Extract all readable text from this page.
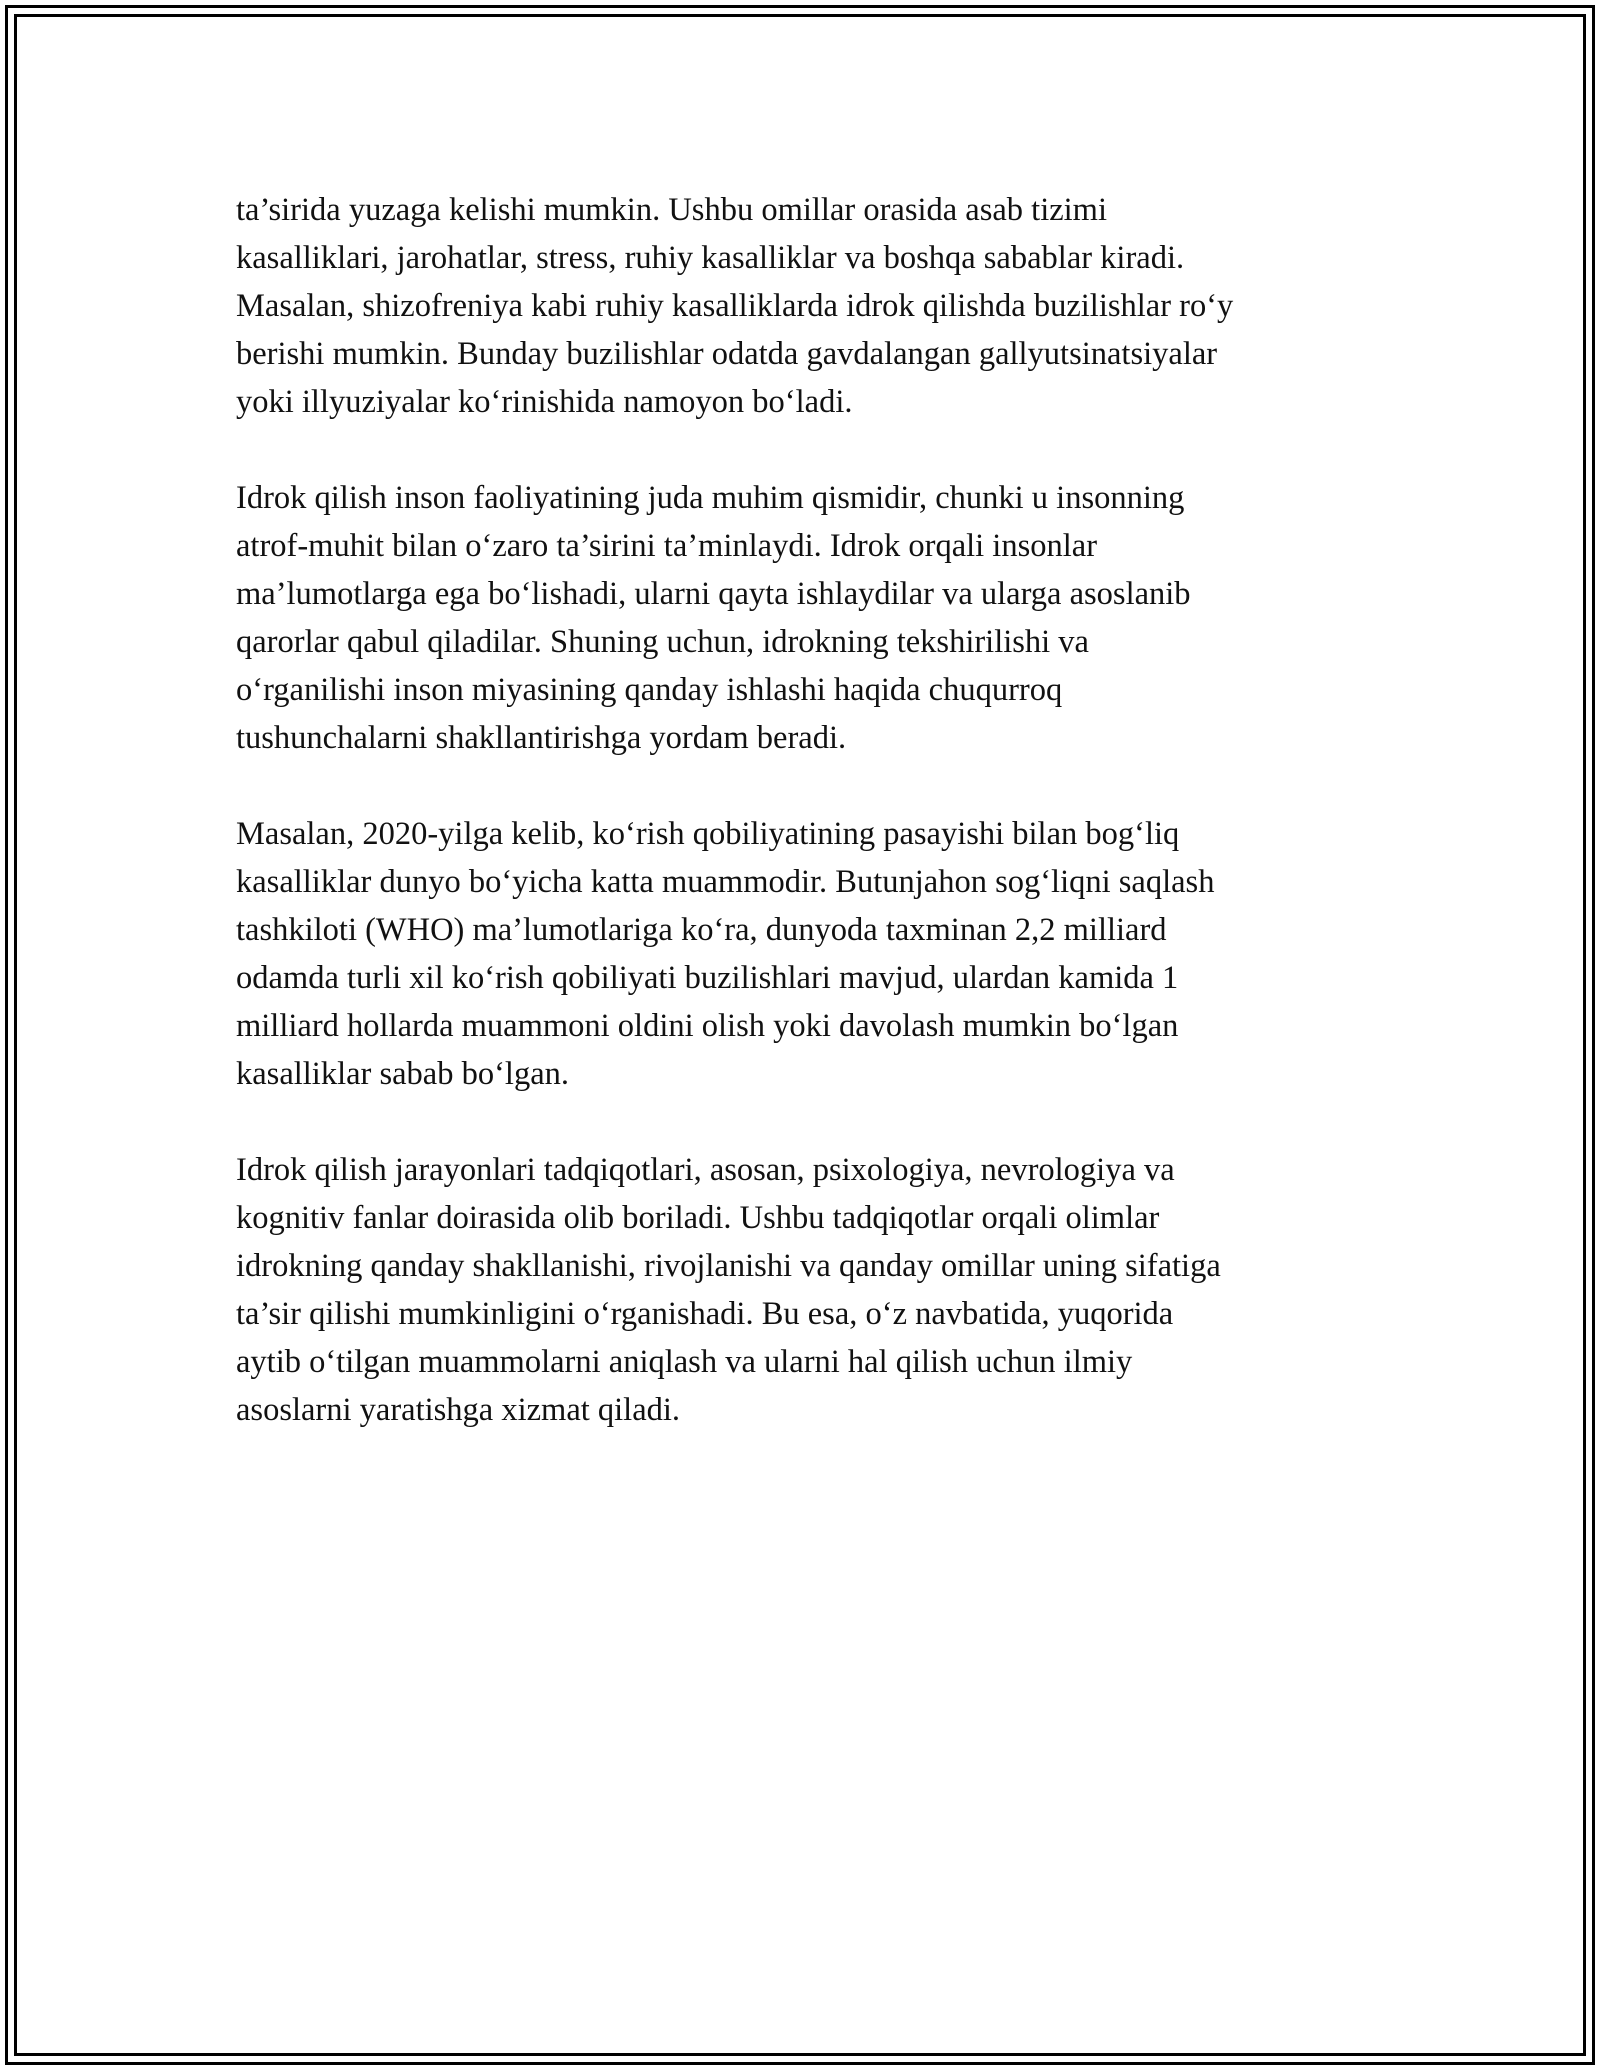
ta’sirida yuzaga kelishi mumkin. Ushbu omillar orasida asab tizimi
kasalliklari, jarohatlar, stress, ruhiy kasalliklar va boshqa sabablar kiradi.
Masalan, shizofreniya kabi ruhiy kasalliklarda idrok qilishda buzilishlar ro‘y
berishi mumkin. Bunday buzilishlar odatda gavdalangan gallyutsinatsiyalar
yoki illyuziyalar ko‘rinishida namoyon bo‘ladi.

Idrok qilish inson faoliyatining juda muhim qismidir, chunki u insonning
atrof-muhit bilan o‘zaro ta’sirini ta’minlaydi. Idrok orqali insonlar
ma’lumotlarga ega bo‘lishadi, ularni qayta ishlaydilar va ularga asoslanib
qarorlar qabul qiladilar. Shuning uchun, idrokning tekshirilishi va
o‘rganilishi inson miyasining qanday ishlashi haqida chuqurroq
tushunchalarni shakllantirishga yordam beradi.

Masalan, 2020-yilga kelib, ko‘rish qobiliyatining pasayishi bilan bog‘liq
kasalliklar dunyo bo‘yicha katta muammodir. Butunjahon sog‘liqni saqlash
tashkiloti (WHO) ma’lumotlariga ko‘ra, dunyoda taxminan 2,2 milliard
odamda turli xil ko‘rish qobiliyati buzilishlari mavjud, ulardan kamida 1
milliard hollarda muammoni oldini olish yoki davolash mumkin bo‘lgan
kasalliklar sabab bo‘lgan.

Idrok qilish jarayonlari tadqiqotlari, asosan, psixologiya, nevrologiya va
kognitiv fanlar doirasida olib boriladi. Ushbu tadqiqotlar orqali olimlar
idrokning qanday shakllanishi, rivojlanishi va qanday omillar uning sifatiga
ta’sir qilishi mumkinligini o‘rganishadi. Bu esa, o‘z navbatida, yuqorida
aytib o‘tilgan muammolarni aniqlash va ularni hal qilish uchun ilmiy
asoslarni yaratishga xizmat qiladi.
